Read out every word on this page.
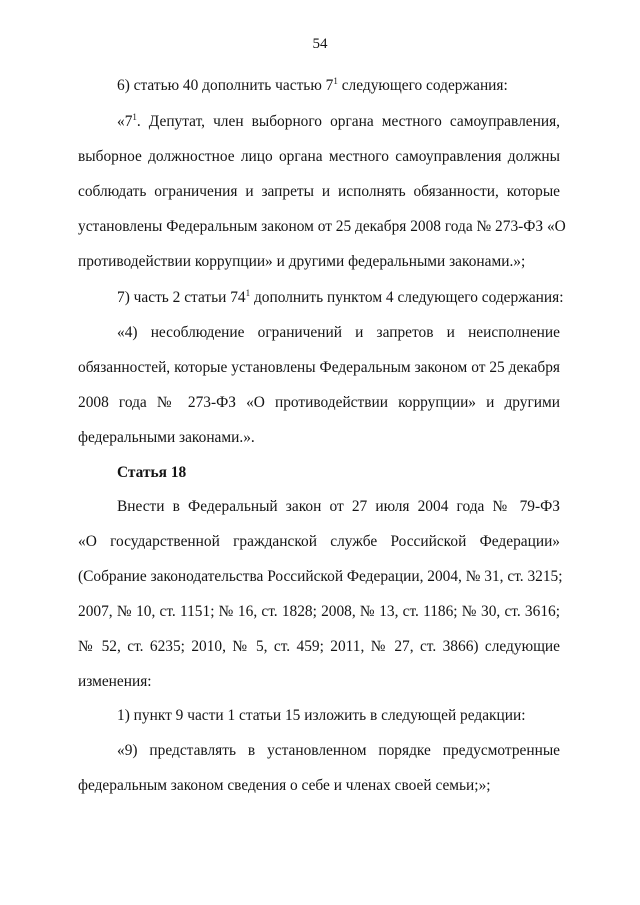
54
6) статью 40 дополнить частью $7^1$ следующего содержания:
«$7^1$. Депутат, член выборного органа местного самоуправления,
выборное должностное лицо органа местного самоуправления должны
соблюдать ограничения и запреты и исполнять обязанности, которые
установлены Федеральным законом от 25 декабря 2008 года № 273-ФЗ «О
противодействии коррупции» и другими федеральными законами.»;
7) часть 2 статьи $74^1$ дополнить пунктом 4 следующего содержания:
«4) несоблюдение ограничений и запретов и неисполнение
обязанностей, которые установлены Федеральным законом от 25 декабря
2008 года № 273-ФЗ «О противодействии коррупции» и другими
федеральными законами.».
Статья 18
Внести в Федеральный закон от 27 июля 2004 года № 79-ФЗ
«О государственной гражданской службе Российской Федерации»
(Собрание законодательства Российской Федерации, 2004, № 31, ст. 3215;
2007, № 10, ст. 1151; № 16, ст. 1828; 2008, № 13, ст. 1186; № 30, ст. 3616;
№ 52, ст. 6235; 2010, № 5, ст. 459; 2011, № 27, ст. 3866) следующие
изменения:
1) пункт 9 части 1 статьи 15 изложить в следующей редакции:
«9) представлять в установленном порядке предусмотренные
федеральным законом сведения о себе и членах своей семьи;»;
